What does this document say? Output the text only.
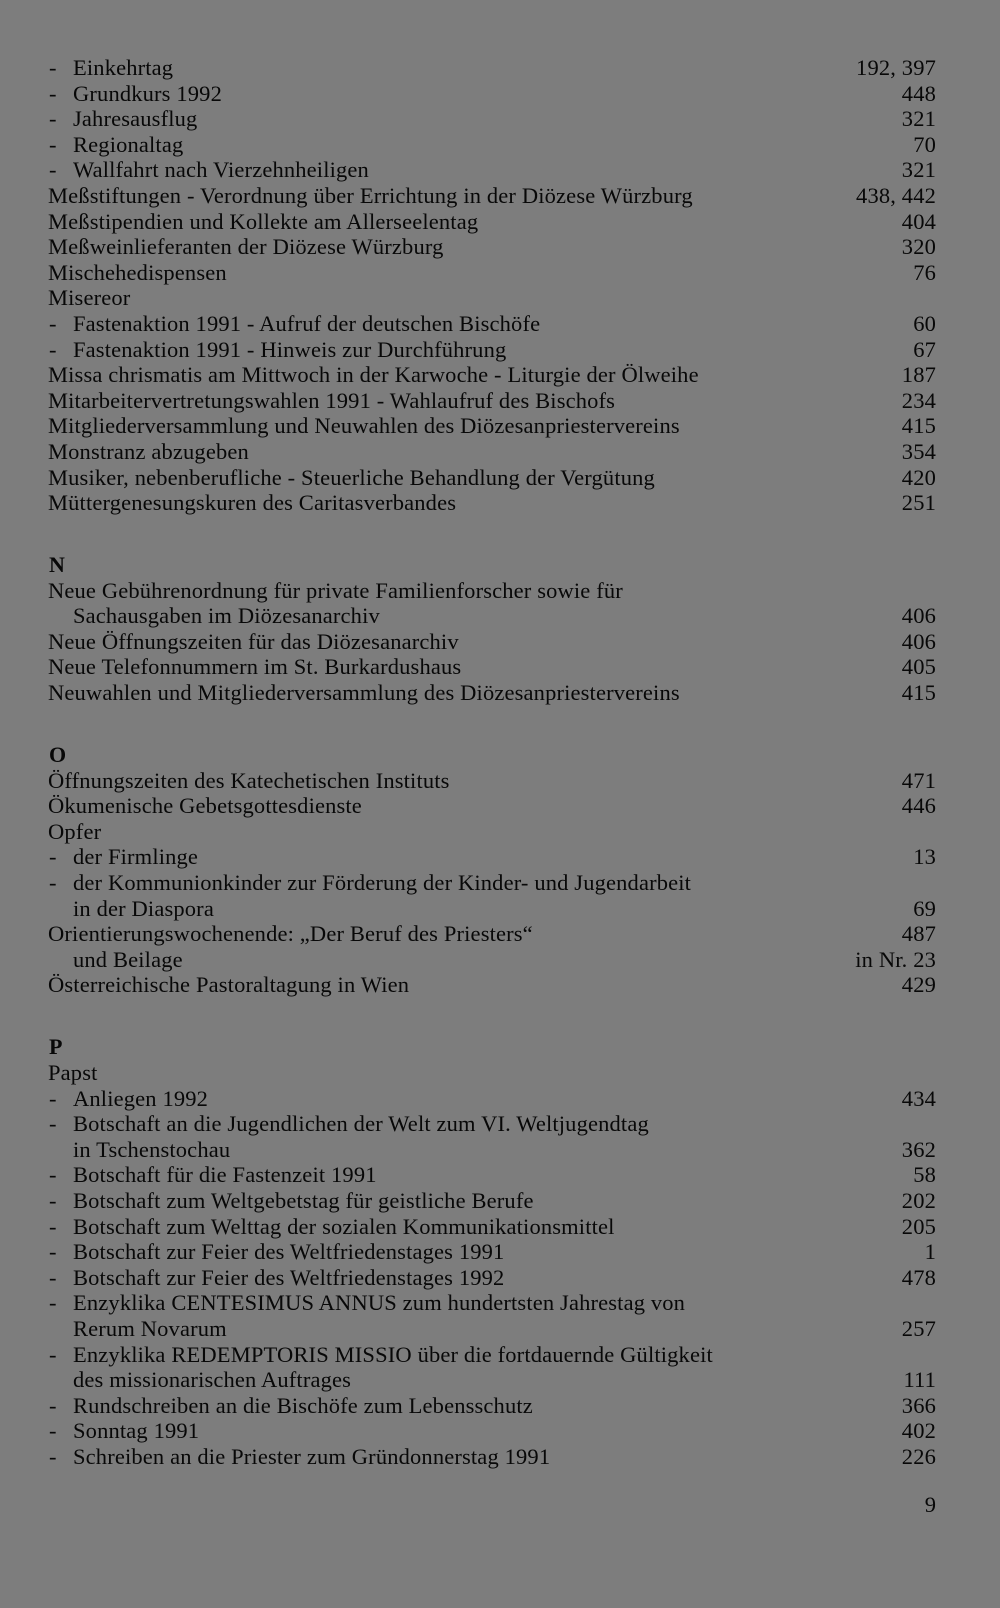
- Einkehrtag	192, 397
- Grundkurs 1992	448
- Jahresausflug	321
- Regionaltag	70
- Wallfahrt nach Vierzehnheiligen	321
Meßstiftungen - Verordnung über Errichtung in der Diözese Würzburg	438, 442
Meßstipendien und Kollekte am Allerseelentag	404
Meßweinlieferanten der Diözese Würzburg	320
Mischehedispensen	76
Misereor
- Fastenaktion 1991 - Aufruf der deutschen Bischöfe	60
- Fastenaktion 1991 - Hinweis zur Durchführung	67
Missa chrismatis am Mittwoch in der Karwoche - Liturgie der Ölweihe	187
Mitarbeitervertretungswahlen 1991 - Wahlaufruf des Bischofs	234
Mitgliederversammlung und Neuwahlen des Diözesanpriestervereins	415
Monstranz abzugeben	354
Musiker, nebenberufliche - Steuerliche Behandlung der Vergütung	420
Müttergenesungskuren des Caritasverbandes	251
N
Neue Gebührenordnung für private Familienforscher sowie für
Sachausgaben im Diözesanarchiv	406
Neue Öffnungszeiten für das Diözesanarchiv	406
Neue Telefonnummern im St. Burkardushaus	405
Neuwahlen und Mitgliederversammlung des Diözesanpriestervereins	415
O
Öffnungszeiten des Katechetischen Instituts	471
Ökumenische Gebetsgottesdienste	446
Opfer
- der Firmlinge	13
- der Kommunionkinder zur Förderung der Kinder- und Jugendarbeit
in der Diaspora	69
Orientierungswochenende: „Der Beruf des Priesters“	487
und Beilage	in Nr. 23
Österreichische Pastoraltagung in Wien	429
P
Papst
- Anliegen 1992	434
- Botschaft an die Jugendlichen der Welt zum VI. Weltjugendtag
in Tschenstochau	362
- Botschaft für die Fastenzeit 1991	58
- Botschaft zum Weltgebetstag für geistliche Berufe	202
- Botschaft zum Welttag der sozialen Kommunikationsmittel	205
- Botschaft zur Feier des Weltfriedenstages 1991	1
- Botschaft zur Feier des Weltfriedenstages 1992	478
- Enzyklika CENTESIMUS ANNUS zum hundertsten Jahrestag von
Rerum Novarum	257
- Enzyklika REDEMPTORIS MISSIO über die fortdauernde Gültigkeit
des missionarischen Auftrages	111
- Rundschreiben an die Bischöfe zum Lebensschutz	366
- Sonntag 1991	402
- Schreiben an die Priester zum Gründonnerstag 1991	226
9
